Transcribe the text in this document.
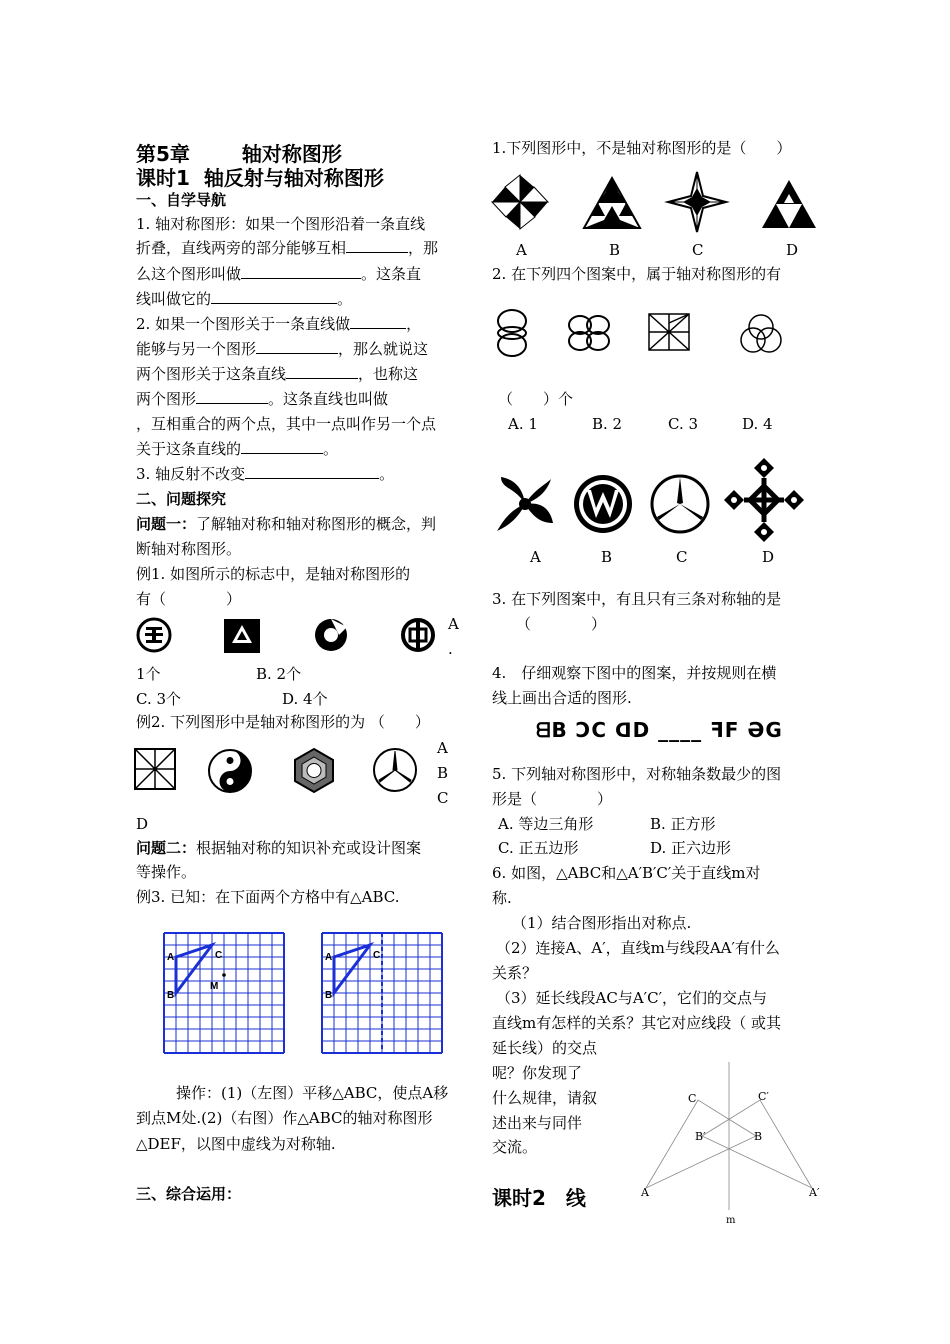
第5章	轴对称图形
课时1 轴反射与轴对称图形
一、自学导航
1. 轴对称图形：如果一个图形沿着一条直线
折叠，直线两旁的部分能够互相	，那
么这个图形叫做	。这条直
线叫做它的	。
2. 如果一个图形关于一条直线做	，
能够与另一个图形	，那么就说这
两个图形关于这条直线	，也称这
两个图形	。这条直线也叫做
，互相重合的两个点，其中一点叫作另一个点
关于这条直线的	。
3. 轴反射不改变	。
二、问题探究
问题一：了解轴对称和轴对称图形的概念，判
断轴对称图形。
例1. 如图所示的标志中，是轴对称图形的
有（　　　　）
A
.
1个	B. 2个
C. 3个	D. 4个
例2. 下列图形中是轴对称图形的为 （　　）
A
B
C
D
问题二：根据轴对称的知识补充或设计图案
等操作。
例3. 已知：在下面两个方格中有△ABC.
A	C
B
M
A	C
B
操作：(1)（左图）平移△ABC，使点A移
到点M处.(2)（右图）作△ABC的轴对称图形
△DEF，以图中虚线为对称轴.
三、综合运用：
1.下列图形中，不是轴对称图形的是（　　）
A	B	C	D
2. 在下列四个图案中，属于轴对称图形的有
（　　）个
A. 1	B. 2	C. 3	D. 4
A	B	C	D
3. 在下列图案中，有且只有三条对称轴的是
（　　　　）
4.　仔细观察下图中的图案，并按规则在横
线上画出合适的图形.
ᗺB ƆC ᗡD ____ ꟻF ƏG
5. 下列轴对称图形中，对称轴条数最少的图
形是（　　　　）
A. 等边三角形	B. 正方形
C. 正五边形	D. 正六边形
6. 如图，△ABC和△A′B′C′关于直线m对
称.
（1）结合图形指出对称点.
（2）连接A、A′，直线m与线段AA′有什么
关系？
（3）延长线段AC与A′C′，它们的交点与
直线m有怎样的关系？其它对应线段（ 或其
延长线）的交点
呢？你发现了
什么规律，请叙
述出来与同伴
交流。
C	C′
B′	B
A	A′
m
课时2　线
